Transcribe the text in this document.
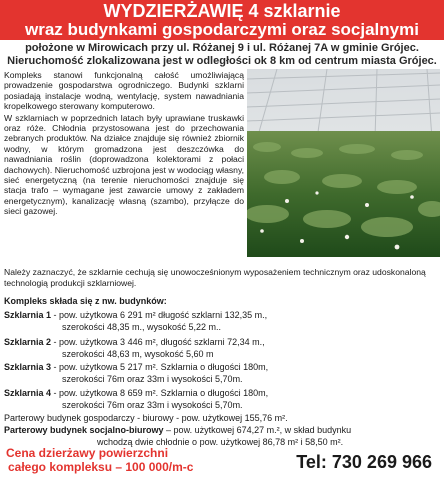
WYDZIERŻAWIĘ 4 szklarnie
wraz budynkami gospodarczymi oraz socjalnymi
położone w Mirowicach przy ul. Różanej 9 i ul. Różanej 7A w gminie Grójec.
Nieruchomość zlokalizowana jest w odległości ok 8 km od centrum miasta Grójec.

Kompleks stanowi funkcjonalną całość umożliwiającą prowadzenie gospodarstwa ogrodniczego. Budynki szklarni posiadają instalacje wodną, wentylację, system nawadniania kropelkowego sterowany komputerowo.

W szklarniach w poprzednich latach były uprawiane truskawki oraz róże. Chłodnia przystosowana jest do przechowania zebranych produktów. Na działce znajduje się również zbiornik wodny, w którym gromadzona jest deszczówka do nawadniania roślin (doprowadzona kolektorami z połaci dachowych). Nieruchomość uzbrojona jest w wodociąg własny, sieć energetyczną (na terenie nieruchomości znajduje się stacja trafo – wymagane jest zawarcie umowy z zakładem energetycznym), kanalizację własną (szambo), przyłącze do sieci gazowej.

Należy zaznaczyć, że szklarnie cechują się unowocześnionym wyposażeniem technicznym oraz udoskonaloną technologią produkcji szklarniowej.
Kompleks składa się z nw. budynków:
Szklarnia 1 - pow. użytkowa 6 291 m² długość szklarni 132,35 m.,
szerokości 48,35 m., wysokość 5,22 m..
Szklarnia 2 - pow. użytkowa 3 446 m², długość szklarni 72,34 m.,
szerokości 48,63 m, wysokość 5,60 m
Szklarnia 3 - pow. użytkowa 5 217 m². Szklarnia o długości 180m,
szerokości 76m oraz 33m i wysokości 5,70m.
Szklarnia 4 - pow. użytkowa 8 659 m². Szklarnia o długości 180m,
szerokości 76m oraz 33m i wysokości 5,70m.
Parterowy budynek gospodarczy - biurowy - pow. użytkowej 155,76 m².
Parterowy budynek socjalno-biurowy – pow. użytkowej 674,27 m.², w skład budynku
wchodzą dwie chłodnie o pow. użytkowej 86,78 m² i 58,50 m².
Cena dzierżawy powierzchni
całego kompleksu – 100 000/m-c	Tel: 730 269 966
